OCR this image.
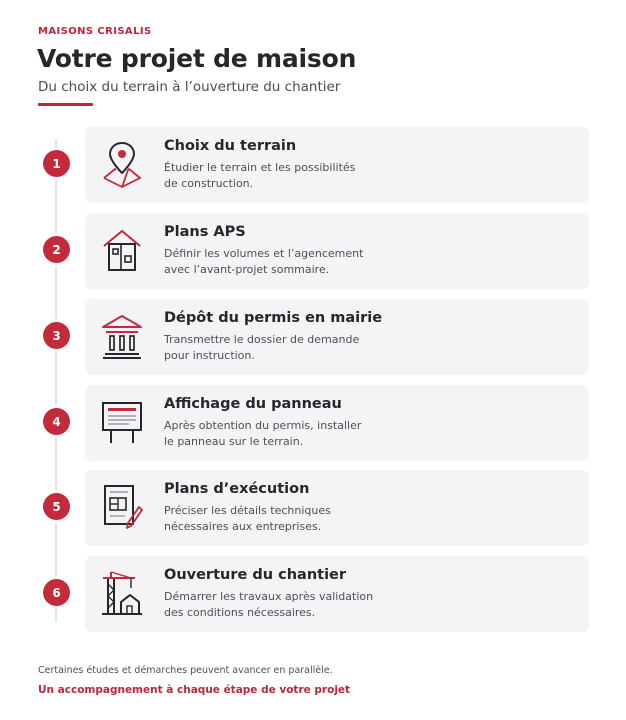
MAISONS CRISALIS
Votre projet de maison
Du choix du terrain à l’ouverture du chantier
1
Choix du terrain
Étudier le terrain et les possibilités
de construction.
2
Plans APS
Définir les volumes et l’agencement
avec l’avant-projet sommaire.
3
Dépôt du permis en mairie
Transmettre le dossier de demande
pour instruction.
4
Affichage du panneau
Après obtention du permis, installer
le panneau sur le terrain.
5
Plans d’exécution
Préciser les détails techniques
nécessaires aux entreprises.
6
Ouverture du chantier
Démarrer les travaux après validation
des conditions nécessaires.
Certaines études et démarches peuvent avancer en parallèle.
Un accompagnement à chaque étape de votre projet
